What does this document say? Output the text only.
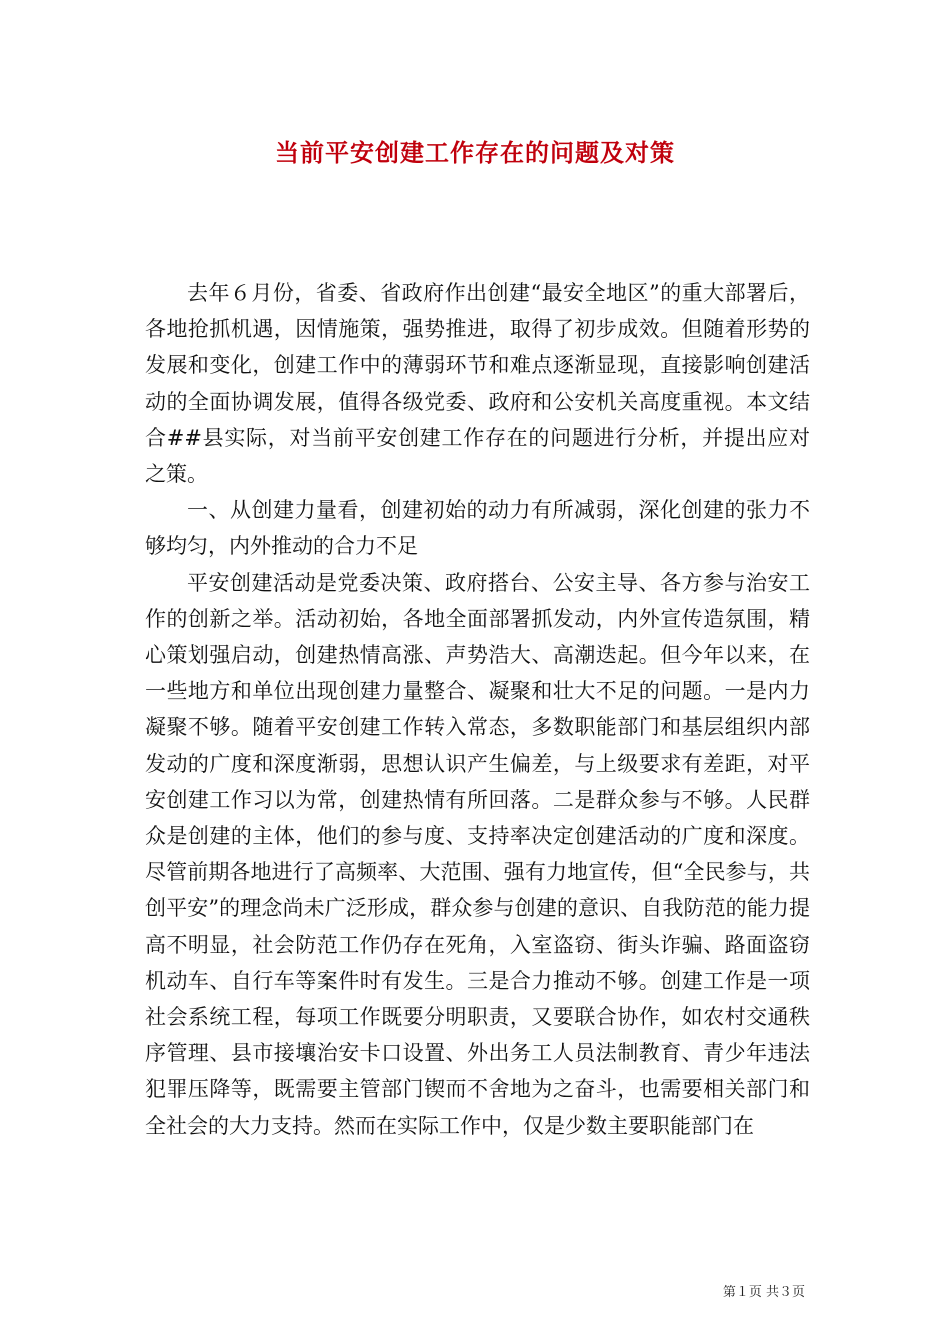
当前平安创建工作存在的问题及对策

去年６月份，省委、省政府作出创建“最安全地区”的重大部署后，各地抢抓机遇，因情施策，强势推进，取得了初步成效。但随着形势的发展和变化，创建工作中的薄弱环节和难点逐渐显现，直接影响创建活动的全面协调发展，值得各级党委、政府和公安机关高度重视。本文结合##县实际，对当前平安创建工作存在的问题进行分析，并提出应对之策。

一、从创建力量看，创建初始的动力有所减弱，深化创建的张力不够均匀，内外推动的合力不足

平安创建活动是党委决策、政府搭台、公安主导、各方参与治安工作的创新之举。活动初始，各地全面部署抓发动，内外宣传造氛围，精心策划强启动，创建热情高涨、声势浩大、高潮迭起。但今年以来，在一些地方和单位出现创建力量整合、凝聚和壮大不足的问题。一是内力凝聚不够。随着平安创建工作转入常态，多数职能部门和基层组织内部发动的广度和深度渐弱，思想认识产生偏差，与上级要求有差距，对平安创建工作习以为常，创建热情有所回落。二是群众参与不够。人民群众是创建的主体，他们的参与度、支持率决定创建活动的广度和深度。尽管前期各地进行了高频率、大范围、强有力地宣传，但“全民参与，共创平安”的理念尚未广泛形成，群众参与创建的意识、自我防范的能力提高不明显，社会防范工作仍存在死角，入室盗窃、街头诈骗、路面盗窃机动车、自行车等案件时有发生。三是合力推动不够。创建工作是一项社会系统工程，每项工作既要分明职责，又要联合协作，如农村交通秩序管理、县市接壤治安卡口设置、外出务工人员法制教育、青少年违法犯罪压降等，既需要主管部门锲而不舍地为之奋斗，也需要相关部门和全社会的大力支持。然而在实际工作中，仅是少数主要职能部门在

第１页 共３页
